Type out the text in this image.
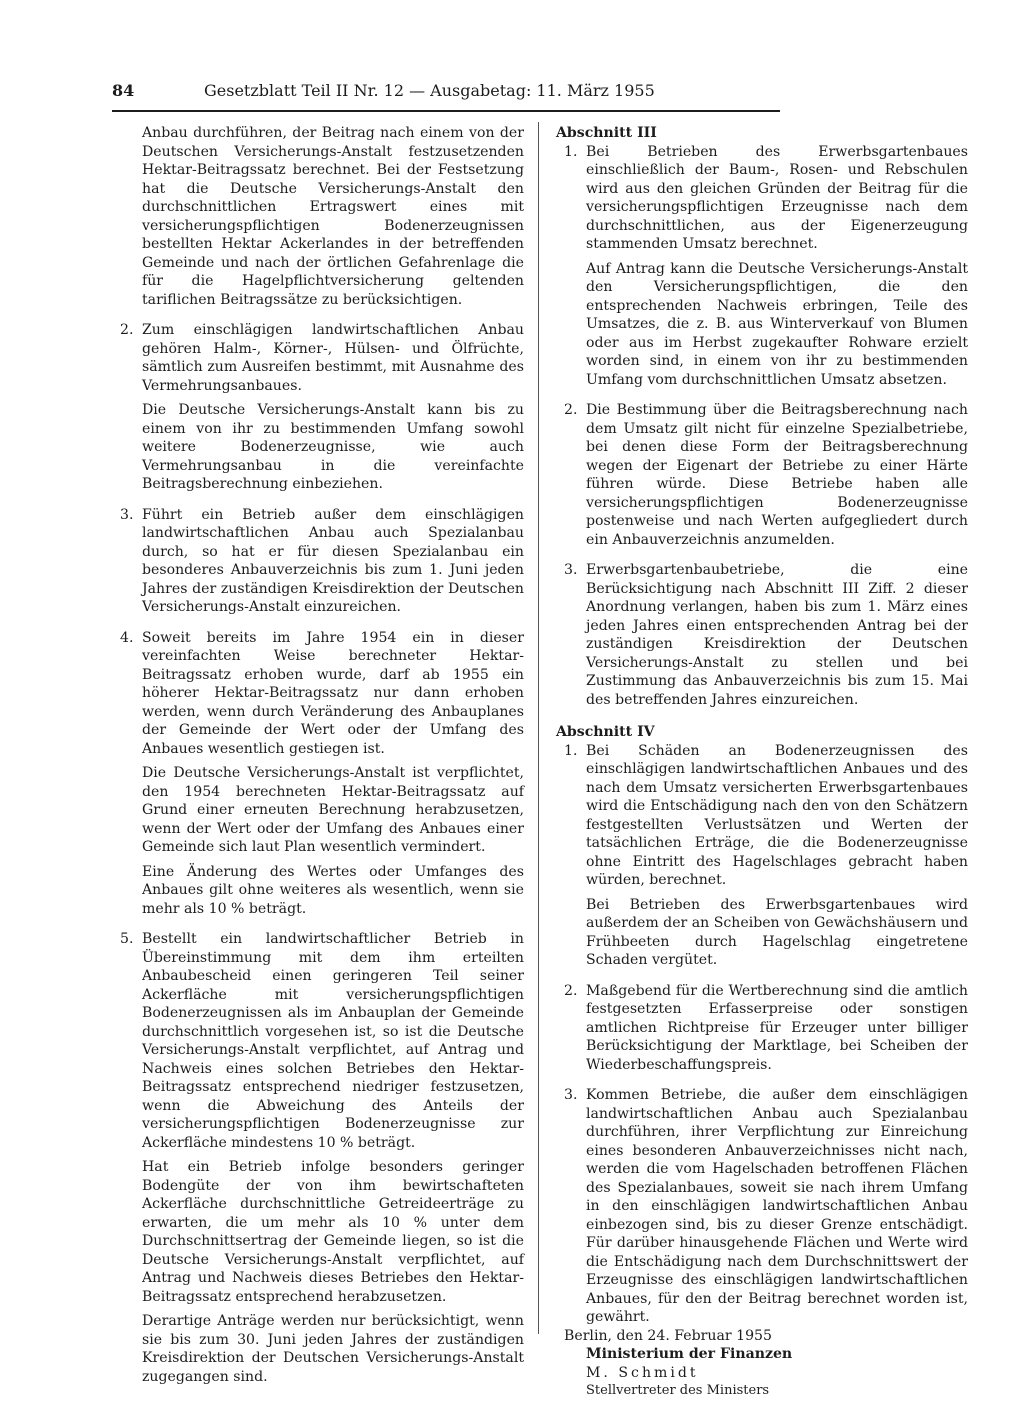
84	Gesetzblatt Teil II Nr. 12 — Ausgabetag: 11. März 1955

Anbau durchführen, der Beitrag nach einem von der Deutschen Versicherungs-Anstalt festzusetzenden Hektar-Beitragssatz berechnet. Bei der Festsetzung hat die Deutsche Versicherungs-Anstalt den durchschnittlichen Ertragswert eines mit versicherungspflichtigen Bodenerzeugnissen bestellten Hektar Ackerlandes in der betreffenden Gemeinde und nach der örtlichen Gefahrenlage die für die Hagelpflichtversicherung geltenden tariflichen Beitragssätze zu berücksichtigen.

2. Zum einschlägigen landwirtschaftlichen Anbau gehören Halm-, Körner-, Hülsen- und Ölfrüchte, sämtlich zum Ausreifen bestimmt, mit Ausnahme des Vermehrungsanbaues.

Die Deutsche Versicherungs-Anstalt kann bis zu einem von ihr zu bestimmenden Umfang sowohl weitere Bodenerzeugnisse, wie auch Vermehrungsanbau in die vereinfachte Beitragsberechnung einbeziehen.

3. Führt ein Betrieb außer dem einschlägigen landwirtschaftlichen Anbau auch Spezialanbau durch, so hat er für diesen Spezialanbau ein besonderes Anbauverzeichnis bis zum 1. Juni jeden Jahres der zuständigen Kreisdirektion der Deutschen Versicherungs-Anstalt einzureichen.

4. Soweit bereits im Jahre 1954 ein in dieser vereinfachten Weise berechneter Hektar-Beitragssatz erhoben wurde, darf ab 1955 ein höherer Hektar-Beitragssatz nur dann erhoben werden, wenn durch Veränderung des Anbauplanes der Gemeinde der Wert oder der Umfang des Anbaues wesentlich gestiegen ist.

Die Deutsche Versicherungs-Anstalt ist verpflichtet, den 1954 berechneten Hektar-Beitragssatz auf Grund einer erneuten Berechnung herabzusetzen, wenn der Wert oder der Umfang des Anbaues einer Gemeinde sich laut Plan wesentlich vermindert.

Eine Änderung des Wertes oder Umfanges des Anbaues gilt ohne weiteres als wesentlich, wenn sie mehr als 10 % beträgt.

5. Bestellt ein landwirtschaftlicher Betrieb in Übereinstimmung mit dem ihm erteilten Anbaubescheid einen geringeren Teil seiner Ackerfläche mit versicherungspflichtigen Bodenerzeugnissen als im Anbauplan der Gemeinde durchschnittlich vorgesehen ist, so ist die Deutsche Versicherungs-Anstalt verpflichtet, auf Antrag und Nachweis eines solchen Betriebes den Hektar-Beitragssatz entsprechend niedriger festzusetzen, wenn die Abweichung des Anteils der versicherungspflichtigen Bodenerzeugnisse zur Ackerfläche mindestens 10 % beträgt.

Hat ein Betrieb infolge besonders geringer Bodengüte der von ihm bewirtschafteten Ackerfläche durchschnittliche Getreideerträge zu erwarten, die um mehr als 10 % unter dem Durchschnittsertrag der Gemeinde liegen, so ist die Deutsche Versicherungs-Anstalt verpflichtet, auf Antrag und Nachweis dieses Betriebes den Hektar-Beitragssatz entsprechend herabzusetzen.

Derartige Anträge werden nur berücksichtigt, wenn sie bis zum 30. Juni jeden Jahres der zuständigen Kreisdirektion der Deutschen Versicherungs-Anstalt zugegangen sind.

Abschnitt III

1. Bei Betrieben des Erwerbsgartenbaues einschließlich der Baum-, Rosen- und Rebschulen wird aus den gleichen Gründen der Beitrag für die versicherungspflichtigen Erzeugnisse nach dem durchschnittlichen, aus der Eigenerzeugung stammenden Umsatz berechnet.

Auf Antrag kann die Deutsche Versicherungs-Anstalt den Versicherungspflichtigen, die den entsprechenden Nachweis erbringen, Teile des Umsatzes, die z. B. aus Winterverkauf von Blumen oder aus im Herbst zugekaufter Rohware erzielt worden sind, in einem von ihr zu bestimmenden Umfang vom durchschnittlichen Umsatz absetzen.

2. Die Bestimmung über die Beitragsberechnung nach dem Umsatz gilt nicht für einzelne Spezialbetriebe, bei denen diese Form der Beitragsberechnung wegen der Eigenart der Betriebe zu einer Härte führen würde. Diese Betriebe haben alle versicherungspflichtigen Bodenerzeugnisse postenweise und nach Werten aufgegliedert durch ein Anbauverzeichnis anzumelden.

3. Erwerbsgartenbaubetriebe, die eine Berücksichtigung nach Abschnitt III Ziff. 2 dieser Anordnung verlangen, haben bis zum 1. März eines jeden Jahres einen entsprechenden Antrag bei der zuständigen Kreisdirektion der Deutschen Versicherungs-Anstalt zu stellen und bei Zustimmung das Anbauverzeichnis bis zum 15. Mai des betreffenden Jahres einzureichen.

Abschnitt IV

1. Bei Schäden an Bodenerzeugnissen des einschlägigen landwirtschaftlichen Anbaues und des nach dem Umsatz versicherten Erwerbsgartenbaues wird die Entschädigung nach den von den Schätzern festgestellten Verlustsätzen und Werten der tatsächlichen Erträge, die die Bodenerzeugnisse ohne Eintritt des Hagelschlages gebracht haben würden, berechnet.

Bei Betrieben des Erwerbsgartenbaues wird außerdem der an Scheiben von Gewächshäusern und Frühbeeten durch Hagelschlag eingetretene Schaden vergütet.

2. Maßgebend für die Wertberechnung sind die amtlich festgesetzten Erfasserpreise oder sonstigen amtlichen Richtpreise für Erzeuger unter billiger Berücksichtigung der Marktlage, bei Scheiben der Wiederbeschaffungspreis.

3. Kommen Betriebe, die außer dem einschlägigen landwirtschaftlichen Anbau auch Spezialanbau durchführen, ihrer Verpflichtung zur Einreichung eines besonderen Anbauverzeichnisses nicht nach, werden die vom Hagelschaden betroffenen Flächen des Spezialanbaues, soweit sie nach ihrem Umfang in den einschlägigen landwirtschaftlichen Anbau einbezogen sind, bis zu dieser Grenze entschädigt. Für darüber hinausgehende Flächen und Werte wird die Entschädigung nach dem Durchschnittswert der Erzeugnisse des einschlägigen landwirtschaftlichen Anbaues, für den der Beitrag berechnet worden ist, gewährt.

Berlin, den 24. Februar 1955

Ministerium der Finanzen

M. Schmidt

Stellvertreter des Ministers
